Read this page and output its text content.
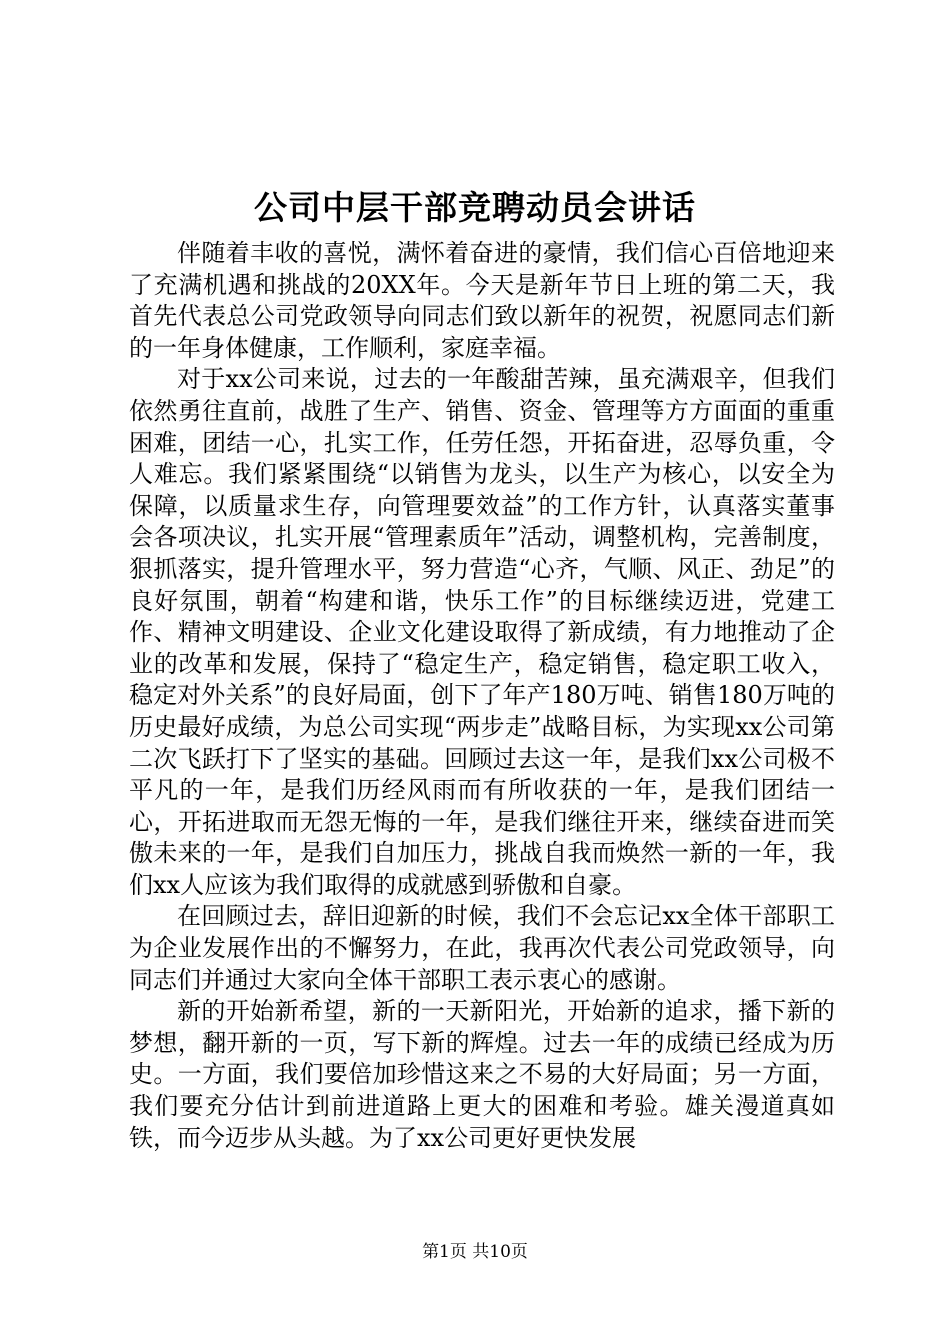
公司中层干部竞聘动员会讲话

伴随着丰收的喜悦，满怀着奋进的豪情，我们信心百倍地迎来了充满机遇和挑战的20XX年。今天是新年节日上班的第二天，我首先代表总公司党政领导向同志们致以新年的祝贺，祝愿同志们新的一年身体健康，工作顺利，家庭幸福。

对于xx公司来说，过去的一年酸甜苦辣，虽充满艰辛，但我们依然勇往直前，战胜了生产、销售、资金、管理等方方面面的重重困难，团结一心，扎实工作，任劳任怨，开拓奋进，忍辱负重，令人难忘。我们紧紧围绕“以销售为龙头，以生产为核心，以安全为保障，以质量求生存，向管理要效益”的工作方针，认真落实董事会各项决议，扎实开展“管理素质年”活动，调整机构，完善制度，狠抓落实，提升管理水平，努力营造“心齐，气顺、风正、劲足”的良好氛围，朝着“构建和谐，快乐工作”的目标继续迈进，党建工作、精神文明建设、企业文化建设取得了新成绩，有力地推动了企业的改革和发展，保持了“稳定生产，稳定销售，稳定职工收入，稳定对外关系”的良好局面，创下了年产180万吨、销售180万吨的历史最好成绩，为总公司实现“两步走”战略目标，为实现xx公司第二次飞跃打下了坚实的基础。回顾过去这一年，是我们xx公司极不平凡的一年，是我们历经风雨而有所收获的一年，是我们团结一心，开拓进取而无怨无悔的一年，是我们继往开来，继续奋进而笑傲未来的一年，是我们自加压力，挑战自我而焕然一新的一年，我们xx人应该为我们取得的成就感到骄傲和自豪。

在回顾过去，辞旧迎新的时候，我们不会忘记xx全体干部职工为企业发展作出的不懈努力，在此，我再次代表公司党政领导，向同志们并通过大家向全体干部职工表示衷心的感谢。

新的开始新希望，新的一天新阳光，开始新的追求，播下新的梦想，翻开新的一页，写下新的辉煌。过去一年的成绩已经成为历史。一方面，我们要倍加珍惜这来之不易的大好局面；另一方面，我们要充分估计到前进道路上更大的困难和考验。雄关漫道真如铁，而今迈步从头越。为了xx公司更好更快发展

第1页 共10页
